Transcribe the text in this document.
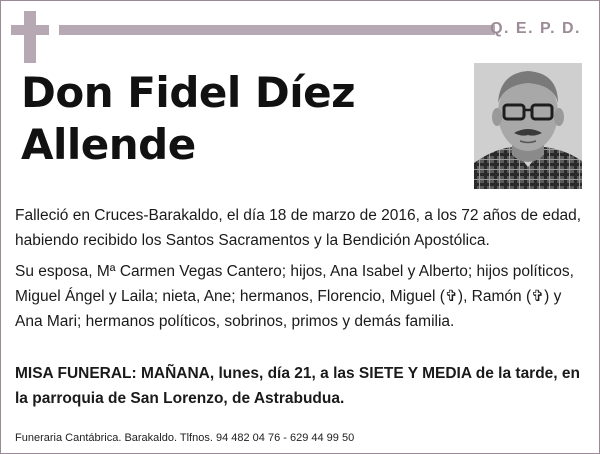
Q. E. P. D.
Don Fidel Díez
Allende
Falleció en Cruces-Barakaldo, el día 18 de marzo de 2016, a los 72 años de edad, habiendo recibido los Santos Sacramentos y la Bendición Apostólica.
Su esposa, Mª Carmen Vegas Cantero; hijos, Ana Isabel y Alberto; hijos políticos, Miguel Ángel y Laila; nieta, Ane; hermanos, Florencio, Miguel (✞), Ramón (✞) y Ana Mari; hermanos políticos, sobrinos, primos y demás familia.
MISA FUNERAL: MAÑANA, lunes, día 21, a las SIETE Y MEDIA de la tarde, en la parroquia de San Lorenzo, de Astrabudua.
Funeraria Cantábrica. Barakaldo. Tlfnos. 94 482 04 76 - 629 44 99 50
